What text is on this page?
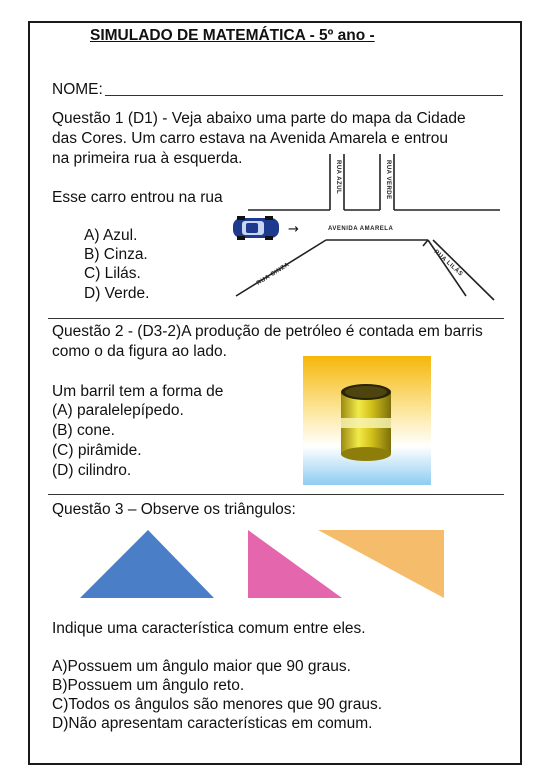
SIMULADO DE MATEMÁTICA - 5º ano -
NOME:
Questão 1 (D1) - Veja abaixo uma parte do mapa da Cidade
das Cores. Um carro estava na Avenida Amarela e entrou
na primeira rua à esquerda.
Esse carro entrou na rua
A) Azul.
B) Cinza.
C) Lilás.
D) Verde.
RUA AZUL	RUA VERDE
AVENIDA AMARELA
RUA CINZA	RUA LILÁS
→
Questão 2 - (D3-2)A produção de petróleo é contada em barris
como o da figura ao lado.
Um barril tem a forma de
(A) paralelepípedo.
(B) cone.
(C) pirâmide.
(D) cilindro.
Questão 3 – Observe os triângulos:
Indique uma característica comum entre eles.
A)Possuem um ângulo maior que 90 graus.
B)Possuem um ângulo reto.
C)Todos os ângulos são menores que 90 graus.
D)Não apresentam características em comum.
